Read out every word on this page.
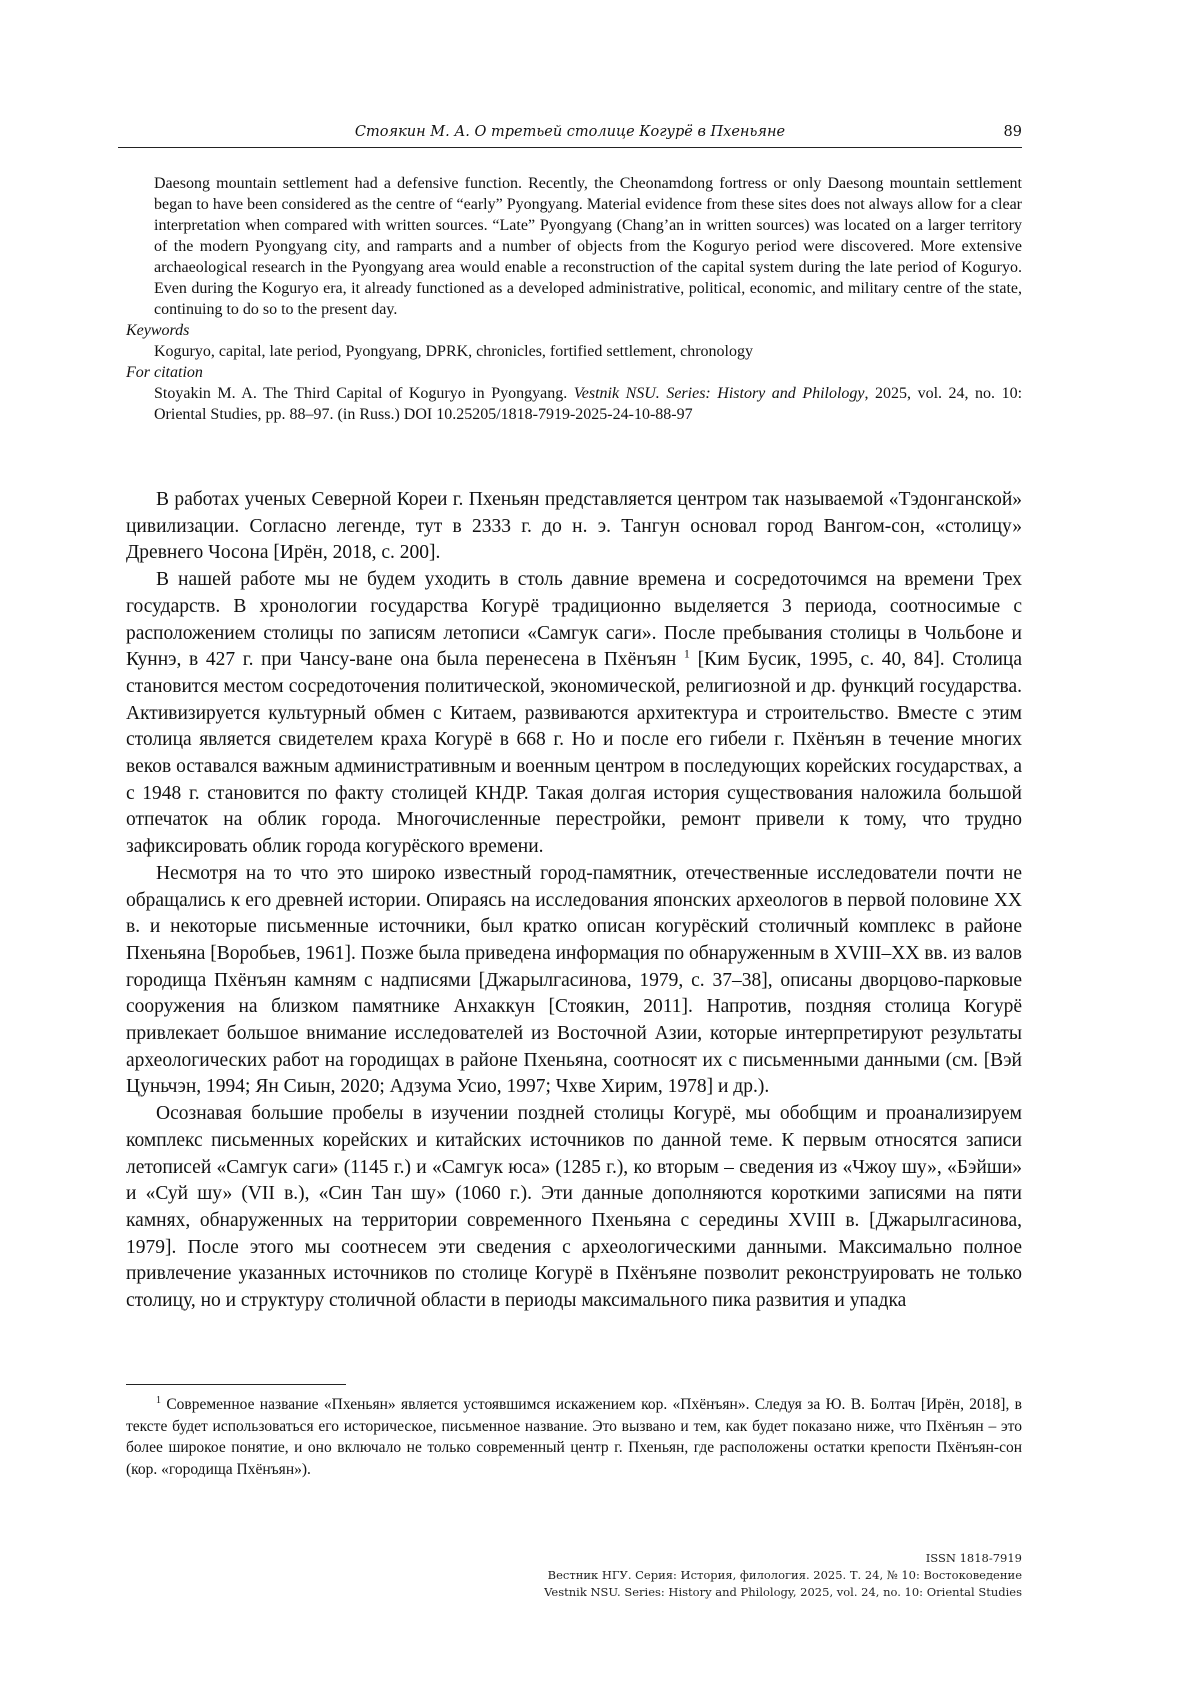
Стоякин М. А. О третьей столице Когурё в Пхеньяне	89

Daesong mountain settlement had a defensive function. Recently, the Cheonamdong fortress or only Daesong mountain settlement began to have been considered as the centre of “early” Pyongyang. Material evidence from these sites does not always allow for a clear interpretation when compared with written sources. “Late” Pyongyang (Chang’an in written sources) was located on a larger territory of the modern Pyongyang city, and ramparts and a number of objects from the Koguryo period were discovered. More extensive archaeological research in the Pyongyang area would enable a reconstruction of the capital system during the late period of Koguryo. Even during the Koguryo era, it already functioned as a developed administrative, political, economic, and military centre of the state, continuing to do so to the present day.

Keywords

Koguryo, capital, late period, Pyongyang, DPRK, chronicles, fortified settlement, chronology

For citation

Stoyakin M. A. The Third Capital of Koguryo in Pyongyang. Vestnik NSU. Series: History and Philology, 2025, vol. 24, no. 10: Oriental Studies, pp. 88–97. (in Russ.) DOI 10.25205/1818-7919-2025-24-10-88-97

В работах ученых Северной Кореи г. Пхеньян представляется центром так называемой «Тэдонганской» цивилизации. Согласно легенде, тут в 2333 г. до н. э. Тангун основал город Вангом-сон, «столицу» Древнего Чосона [Ирён, 2018, с. 200].

В нашей работе мы не будем уходить в столь давние времена и сосредоточимся на времени Трех государств. В хронологии государства Когурё традиционно выделяется 3 периода, соотносимые с расположением столицы по записям летописи «Самгук саги». После пребывания столицы в Чольбоне и Куннэ, в 427 г. при Чансу-ване она была перенесена в Пхёнъян $^1$ [Ким Бусик, 1995, с. 40, 84]. Столица становится местом сосредоточения политической, экономической, религиозной и др. функций государства. Активизируется культурный обмен с Китаем, развиваются архитектура и строительство. Вместе с этим столица является свидетелем краха Когурё в 668 г. Но и после его гибели г. Пхёнъян в течение многих веков оставался важным административным и военным центром в последующих корейских государствах, а с 1948 г. становится по факту столицей КНДР. Такая долгая история существования наложила большой отпечаток на облик города. Многочисленные перестройки, ремонт привели к тому, что трудно зафиксировать облик города когурёского времени.

Несмотря на то что это широко известный город-памятник, отечественные исследователи почти не обращались к его древней истории. Опираясь на исследования японских археологов в первой половине XX в. и некоторые письменные источники, был кратко описан когурёский столичный комплекс в районе Пхеньяна [Воробьев, 1961]. Позже была приведена информация по обнаруженным в XVIII–XX вв. из валов городища Пхёнъян камням с надписями [Джарылгасинова, 1979, с. 37–38], описаны дворцово-парковые сооружения на близком памятнике Анхаккун [Стоякин, 2011]. Напротив, поздняя столица Когурё привлекает большое внимание исследователей из Восточной Азии, которые интерпретируют результаты археологических работ на городищах в районе Пхеньяна, соотносят их с письменными данными (см. [Вэй Цуньчэн, 1994; Ян Сиын, 2020; Адзума Усио, 1997; Чхве Хирим, 1978] и др.).

Осознавая большие пробелы в изучении поздней столицы Когурё, мы обобщим и проанализируем комплекс письменных корейских и китайских источников по данной теме. К первым относятся записи летописей «Самгук саги» (1145 г.) и «Самгук юса» (1285 г.), ко вторым – сведения из «Чжоу шу», «Бэйши» и «Суй шу» (VII в.), «Син Тан шу» (1060 г.). Эти данные дополняются короткими записями на пяти камнях, обнаруженных на территории современного Пхеньяна с середины XVIII в. [Джарылгасинова, 1979]. После этого мы соотнесем эти сведения с археологическими данными. Максимально полное привлечение указанных источников по столице Когурё в Пхёнъяне позволит реконструировать не только столицу, но и структуру столичной области в периоды максимального пика развития и упадка

$^1$ Современное название «Пхеньян» является устоявшимся искажением кор. «Пхёнъян». Следуя за Ю. В. Болтач [Ирён, 2018], в тексте будет использоваться его историческое, письменное название. Это вызвано и тем, как будет показано ниже, что Пхёнъян – это более широкое понятие, и оно включало не только современный центр г. Пхеньян, где расположены остатки крепости Пхёнъян-сон (кор. «городища Пхёнъян»).

ISSN 1818-7919
Вестник НГУ. Серия: История, филология. 2025. Т. 24, № 10: Востоковедение
Vestnik NSU. Series: History and Philology, 2025, vol. 24, no. 10: Oriental Studies
